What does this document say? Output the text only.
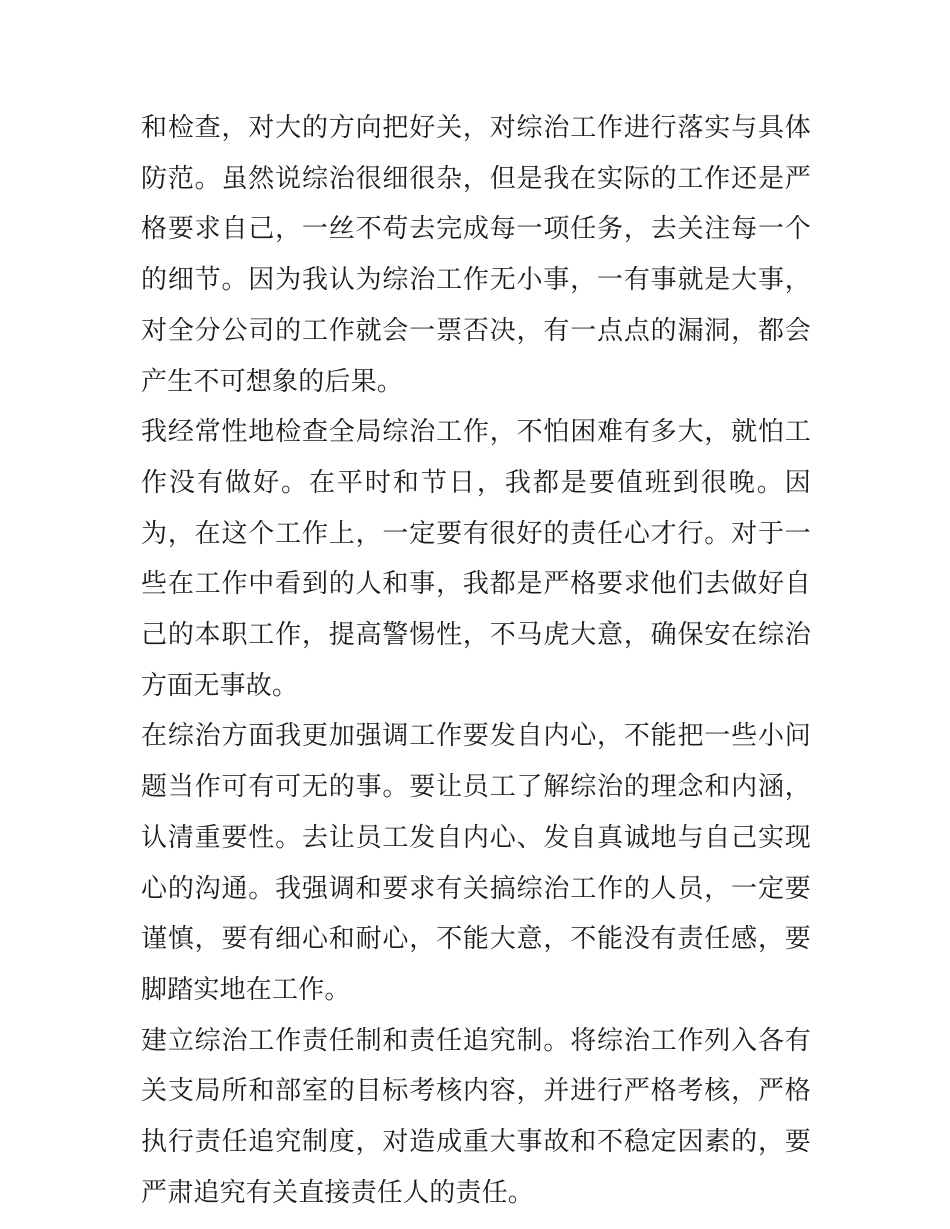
和检查，对大的方向把好关，对综治工作进行落实与具体防范。虽然说综治很细很杂，但是我在实际的工作还是严格要求自己，一丝不苟去完成每一项任务，去关注每一个的细节。因为我认为综治工作无小事，一有事就是大事，对全分公司的工作就会一票否决，有一点点的漏洞，都会产生不可想象的后果。

我经常性地检查全局综治工作，不怕困难有多大，就怕工作没有做好。在平时和节日，我都是要值班到很晚。因为，在这个工作上，一定要有很好的责任心才行。对于一些在工作中看到的人和事，我都是严格要求他们去做好自己的本职工作，提高警惕性，不马虎大意，确保安在综治方面无事故。

在综治方面我更加强调工作要发自内心，不能把一些小问题当作可有可无的事。要让员工了解综治的理念和内涵，认清重要性。去让员工发自内心、发自真诚地与自己实现心的沟通。我强调和要求有关搞综治工作的人员，一定要谨慎，要有细心和耐心，不能大意，不能没有责任感，要脚踏实地在工作。

建立综治工作责任制和责任追究制。将综治工作列入各有关支局所和部室的目标考核内容，并进行严格考核，严格执行责任追究制度，对造成重大事故和不稳定因素的，要严肃追究有关直接责任人的责任。
